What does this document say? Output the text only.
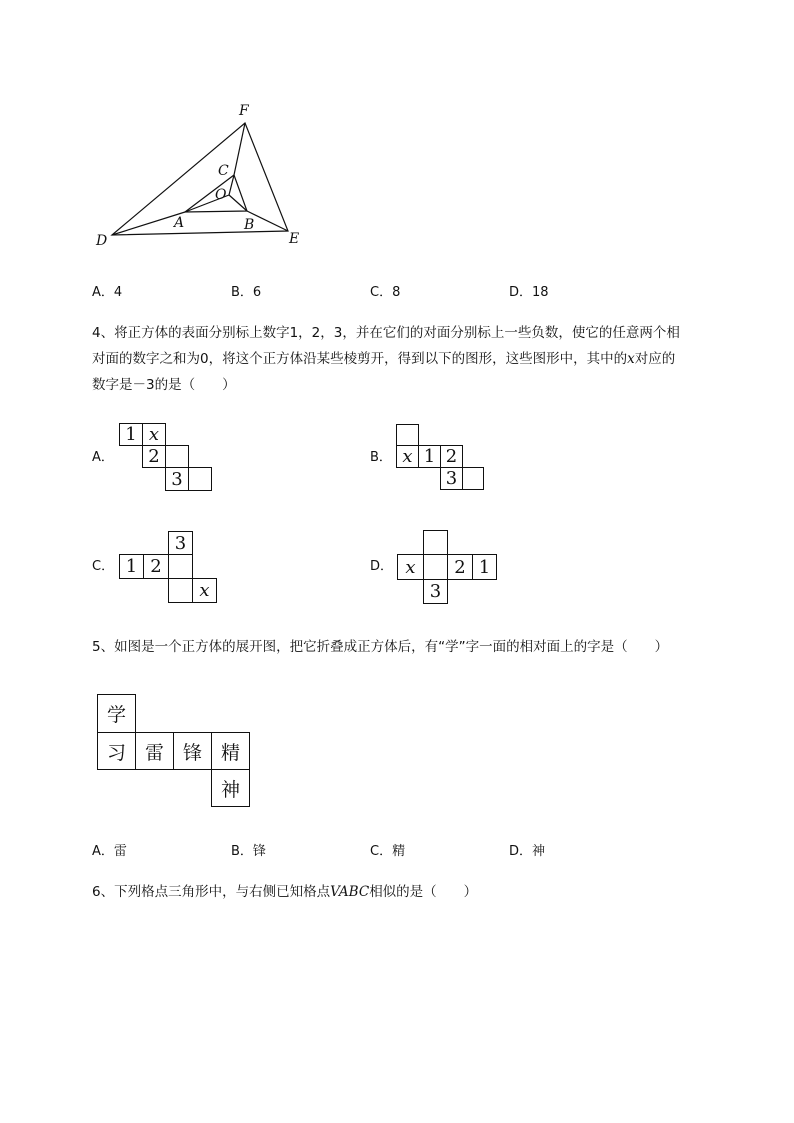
F
C
O
A	B
D	E
A．4	B．6	C．8	D．18
4、将正方体的表面分别标上数字1，2，3，并在它们的对面分别标上一些负数，使它的任意两个相
对面的数字之和为0，将这个正方体沿某些棱剪开，得到以下的图形，这些图形中，其中的x对应的
数字是－3的是（　　）
A．
1 x
2
3
B． x 1 2
3
C．
3
1 2
x
D． x	2 1
3
5、如图是一个正方体的展开图，把它折叠成正方体后，有“学”字一面的相对面上的字是（　　）
学
习 雷 锋 精
神
A．雷	B．锋	C．精	D．神
6、下列格点三角形中，与右侧已知格点VABC相似的是（　　）
